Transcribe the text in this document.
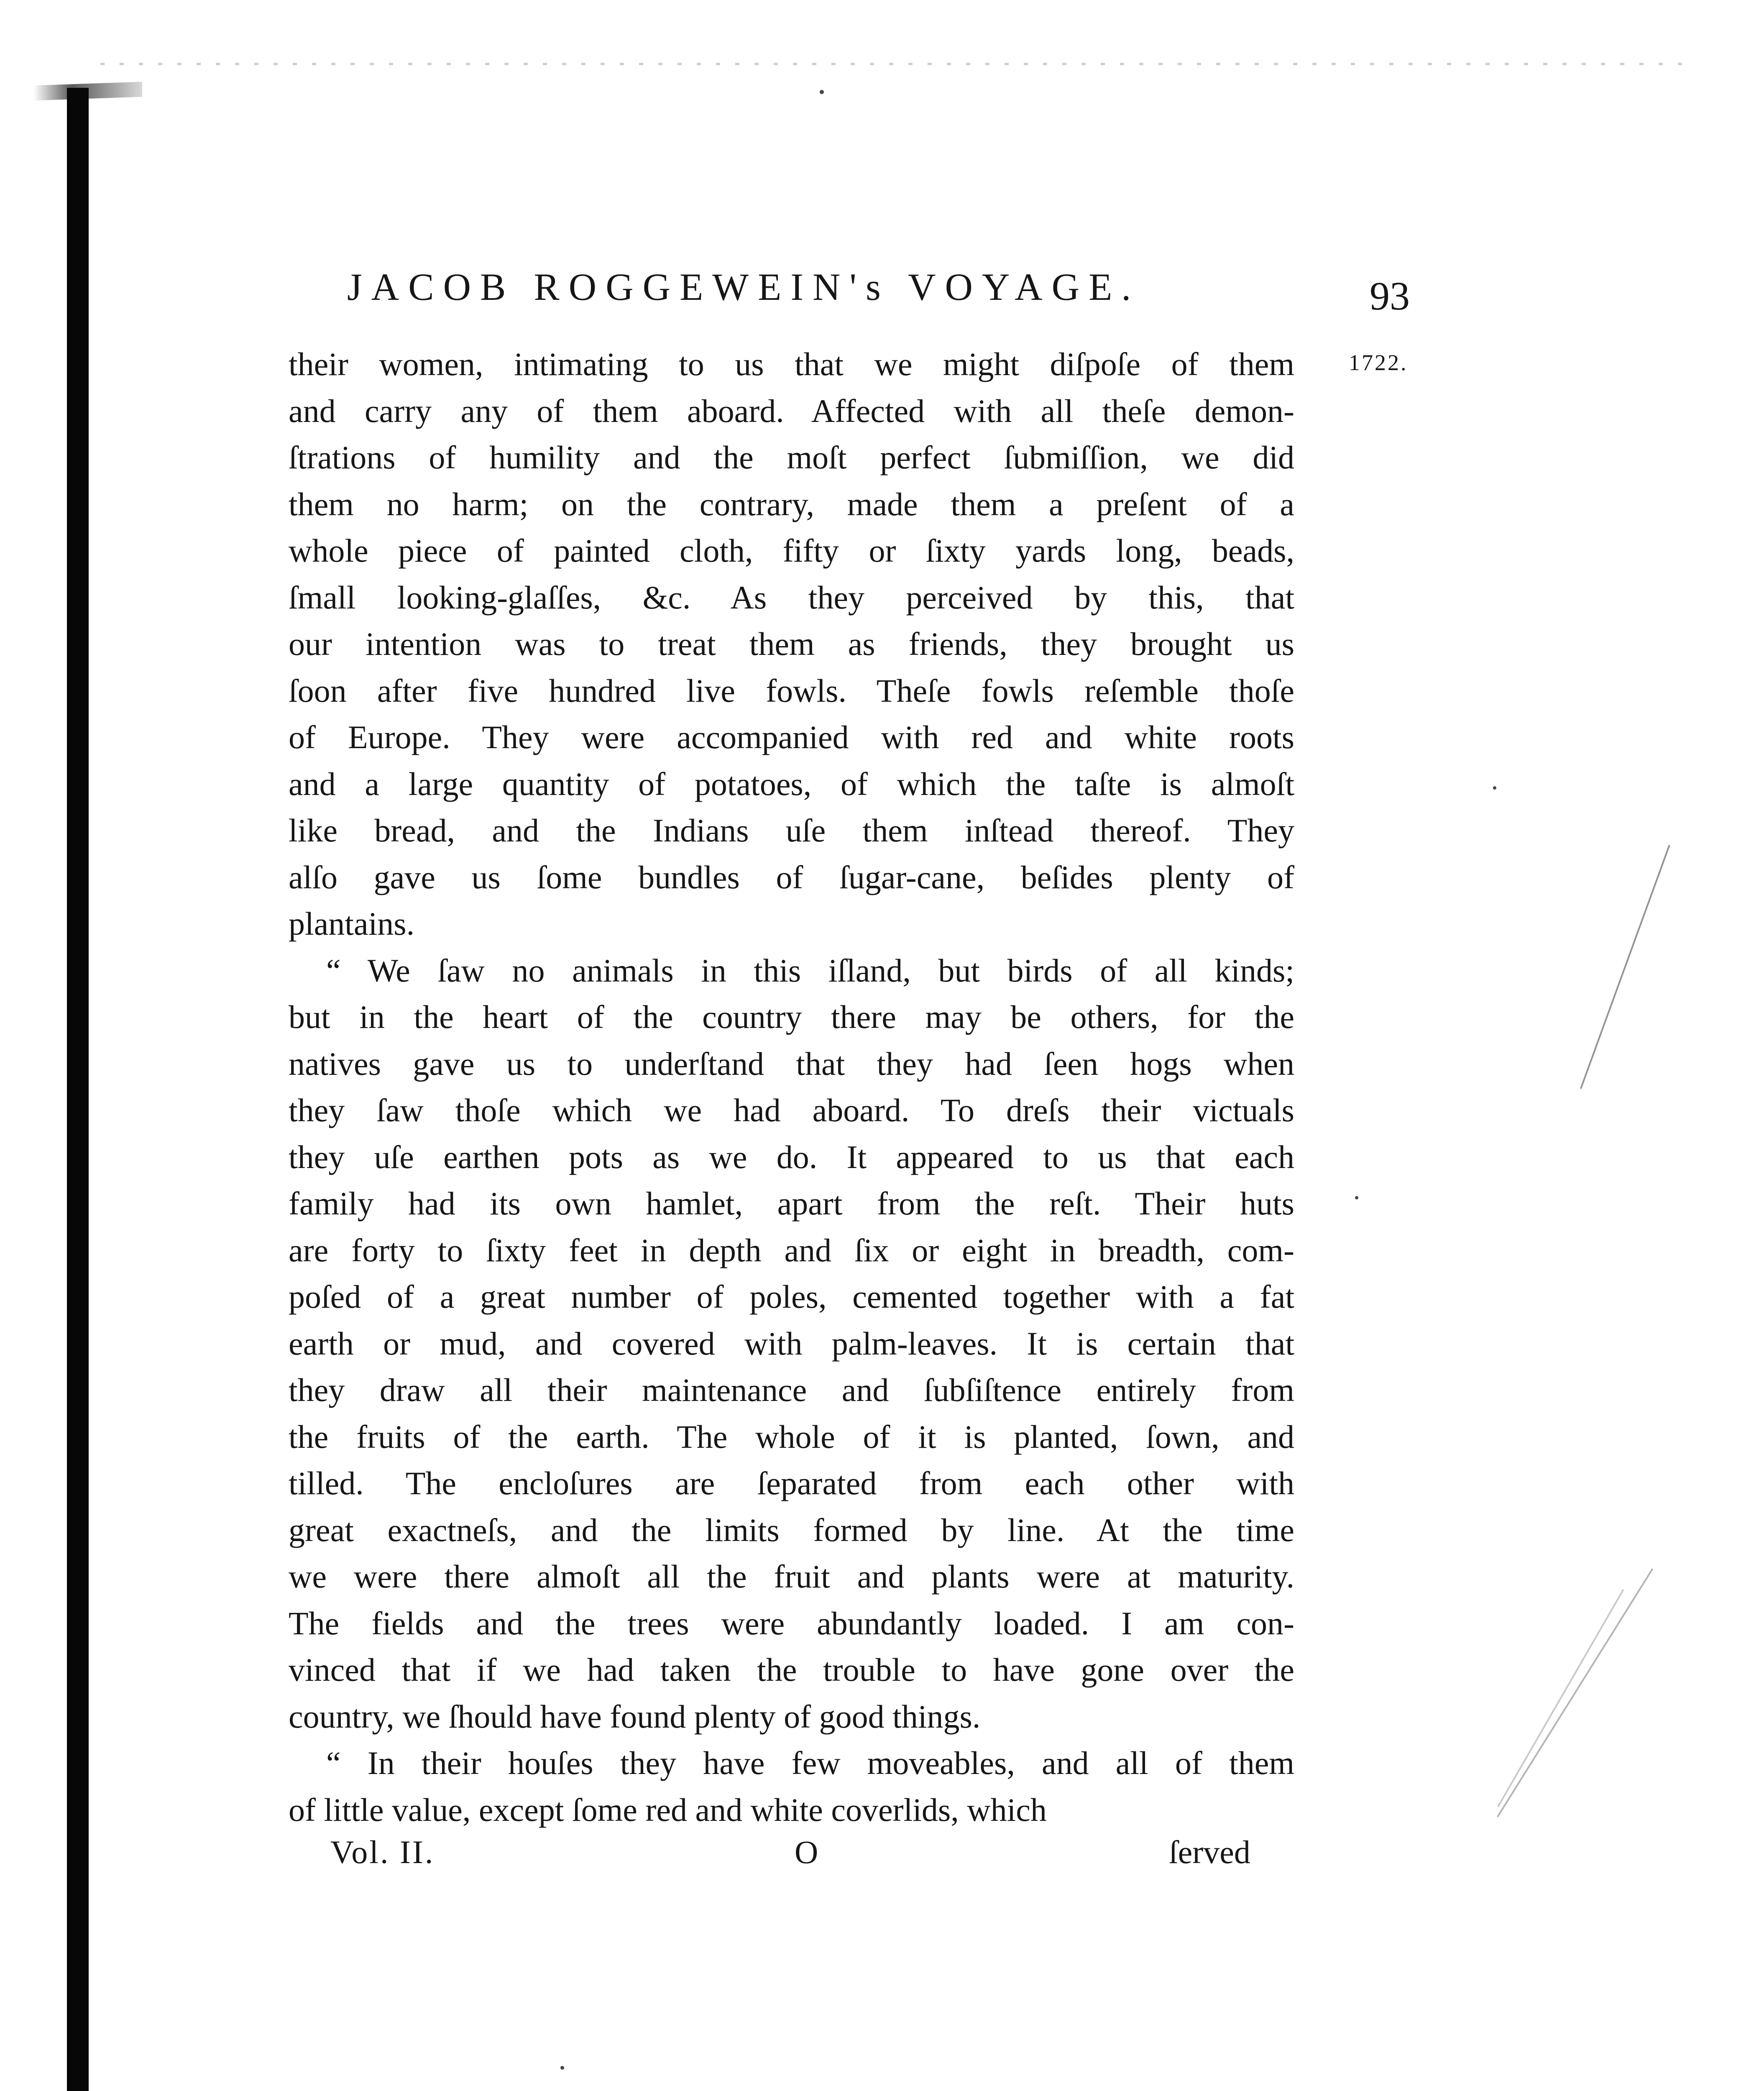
JACOB ROGGEWEIN's VOYAGE.	93
1722.
their women, intimating to us that we might diſpoſe of them
and carry any of them aboard. Affected with all theſe demon-
ſtrations of humility and the moſt perfect ſubmiſſion, we did
them no harm; on the contrary, made them a preſent of a
whole piece of painted cloth, fifty or ſixty yards long, beads,
ſmall looking-glaſſes, &c. As they perceived by this, that
our intention was to treat them as friends, they brought us
ſoon after five hundred live fowls. Theſe fowls reſemble thoſe
of Europe. They were accompanied with red and white roots
and a large quantity of potatoes, of which the taſte is almoſt
like bread, and the Indians uſe them inſtead thereof. They
alſo gave us ſome bundles of ſugar-cane, beſides plenty of
plantains.
“ We ſaw no animals in this iſland, but birds of all kinds;
but in the heart of the country there may be others, for the
natives gave us to underſtand that they had ſeen hogs when
they ſaw thoſe which we had aboard. To dreſs their victuals
they uſe earthen pots as we do. It appeared to us that each
family had its own hamlet, apart from the reſt. Their huts
are forty to ſixty feet in depth and ſix or eight in breadth, com-
poſed of a great number of poles, cemented together with a fat
earth or mud, and covered with palm-leaves. It is certain that
they draw all their maintenance and ſubſiſtence entirely from
the fruits of the earth. The whole of it is planted, ſown, and
tilled. The encloſures are ſeparated from each other with
great exactneſs, and the limits formed by line. At the time
we were there almoſt all the fruit and plants were at maturity.
The fields and the trees were abundantly loaded. I am con-
vinced that if we had taken the trouble to have gone over the
country, we ſhould have found plenty of good things.
“ In their houſes they have few moveables, and all of them
of little value, except ſome red and white coverlids, which
Vol. II.	O	ſerved
